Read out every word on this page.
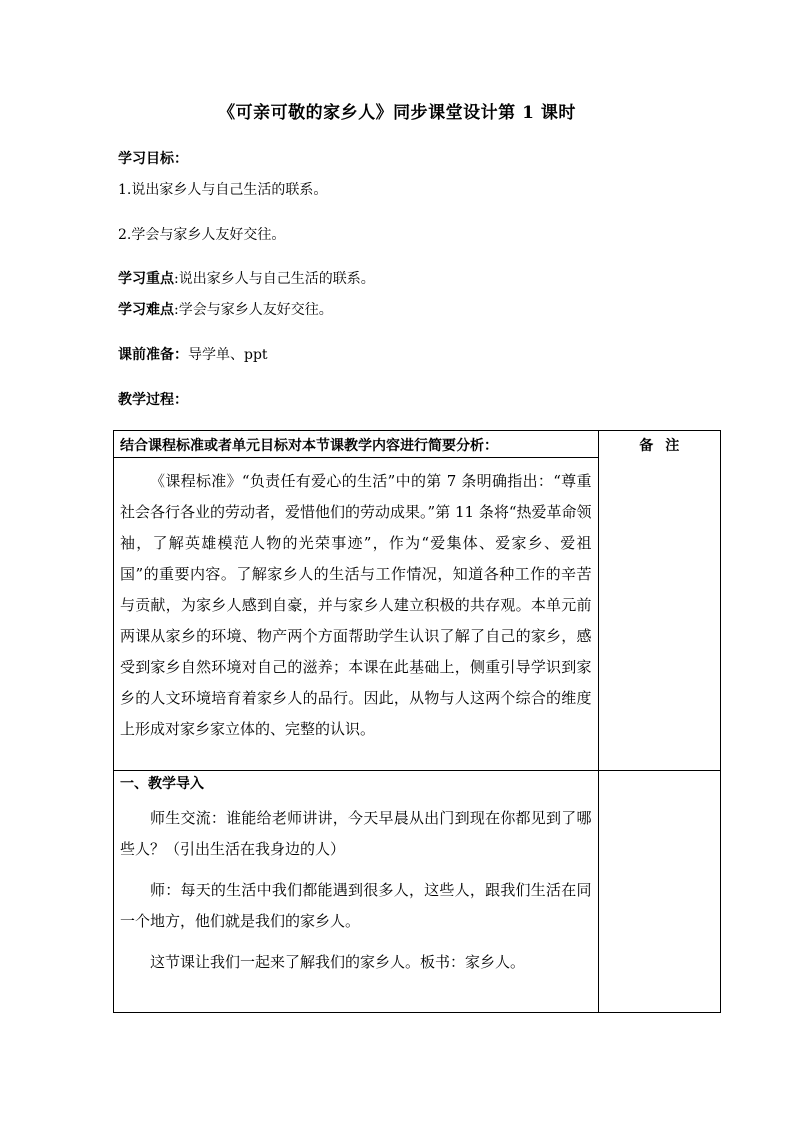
《可亲可敬的家乡人》同步课堂设计第 1 课时
学习目标：
1.说出家乡人与自己生活的联系。
2.学会与家乡人友好交往。
学习重点:说出家乡人与自己生活的联系。
学习难点:学会与家乡人友好交往。
课前准备：导学单、ppt
教学过程：
结合课程标准或者单元目标对本节课教学内容进行简要分析：	备注

《课程标准》“负责任有爱心的生活”中的第 7 条明确指出：“尊重社会各行各业的劳动者，爱惜他们的劳动成果。”第 11 条将“热爱革命领袖，了解英雄模范人物的光荣事迹”，作为“爱集体、爱家乡、爱祖国”的重要内容。了解家乡人的生活与工作情况，知道各种工作的辛苦与贡献，为家乡人感到自豪，并与家乡人建立积极的共存观。本单元前两课从家乡的环境、物产两个方面帮助学生认识了解了自己的家乡，感受到家乡自然环境对自己的滋养；本课在此基础上，侧重引导学识到家乡的人文环境培育着家乡人的品行。因此，从物与人这两个综合的维度上形成对家乡家立体的、完整的认识。	

一、教学导入
师生交流：谁能给老师讲讲，今天早晨从出门到现在你都见到了哪些人？（引出生活在我身边的人）
师：每天的生活中我们都能遇到很多人，这些人，跟我们生活在同一个地方，他们就是我们的家乡人。
这节课让我们一起来了解我们的家乡人。板书：家乡人。	
